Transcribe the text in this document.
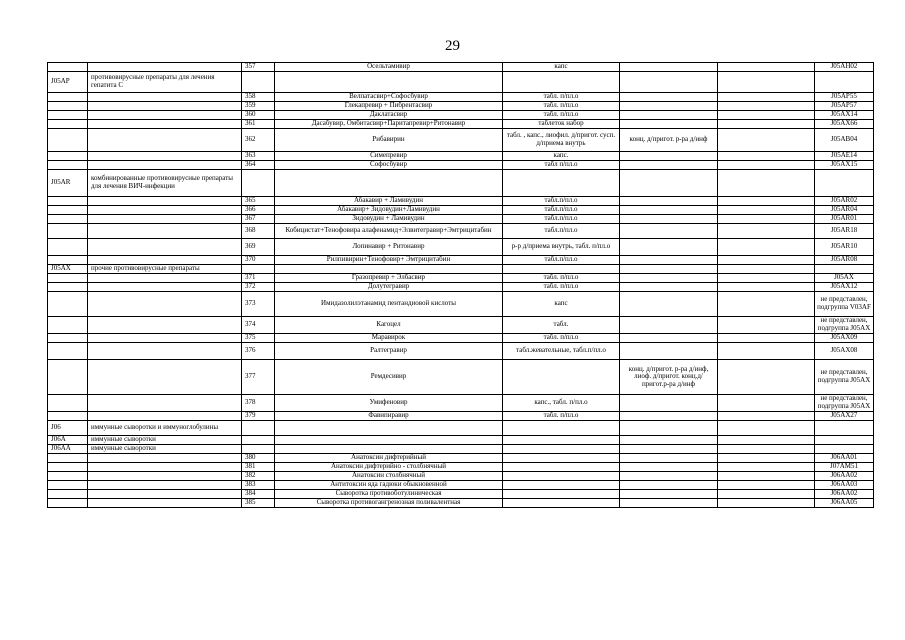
29
		357	Осельтамивир	капс			J05AH02
J05AP	противовирусные препараты для лечения гепатита С						
		358	Велпатасвир+Софосбувир	табл. п/пл.о			J05AP55
		359	Глекапревир + Пибрентасвир	табл. п/пл.о			J05AP57
		360	Даклатасвир	табл. п/пл.о			J05AX14
		361	Дасабувир, Омбитасвир+Паритапревир+Ритонавир	таблеток набор			J05AX66
		362	Рибавирин	табл. , капс., лиофил. д/пригот. сусп. д/приема внутрь	конц. д/пригот. р-ра д/инф		J05AB04
		363	Симепревир	капс.			J05AE14
		364	Софосбувир	табл п/пл.о			J05AX15
J05AR	комбинированные противовирусные препараты для лечения ВИЧ-инфекции						
		365	Абакавир + Ламивудин	табл.п/пл.о			J05AR02
		366	Абакавир+ Зидовудин+Ламивудин	табл.п/пл.о			J05AR04
		367	Зидовудин + Ламивудин	табл.п/пл.о			J05AR01
		368	Кобицистат+Тенофовира алафенамид+Элвитегравир+Эмтрицитабин	табл.п/пл.о			J05AR18
		369	Лопинавир + Ритонавир	р-р д/приема внутрь, табл. п/пл.о			J05AR10
		370	Рилпивирин+Тенофовир+ Эмтрицитабин	табл.п/пл.о			J05AR08
J05AX	прочие противовирусные препараты						
		371	Гразопревир + Элбасвир	табл. п/пл.о			J05AX
		372	Долутегравир	табл. п/пл.о			J05AX12
		373	Имидазолилэтанамид пентандиовой кислоты	капс			не представлен, подгруппа V03AF
		374	Кагоцел	табл.			не представлен, подгруппа J05AX
		375	Маравирок	табл. п/пл.о			J05AX09
		376	Ралтегравир	табл.жевательные, табл.п/пл.о			J05AX08
		377	Ремдесивир		конц. д/пригот. р-ра д/инф, лиоф. д/пригот. конц.д/пригот.р-ра д/инф		не представлен, подгруппа J05AX
		378	Умифеновир	капс., табл. п/пл.о			не представлен, подгруппа J05AX
		379	Фавипиравир	табл. п/пл.о			J05AX27
J06	иммунные сыворотки и иммуноглобулины						
J06A	иммунные сыворотки						
J06AA	иммунные сыворотки						
		380	Анатоксин дифтерийный				J06AA01
		381	Анатоксин дифтерийно - столбнячный				J07AM51
		382	Анатоксин столбнячный				J06AA02
		383	Антитоксин яда гадюки обыкновенной				J06AA03
		384	Сыворотка противоботулиническая				J06AA02
		385	Сыворотка противогангренозная поливалентная				J06AA05
